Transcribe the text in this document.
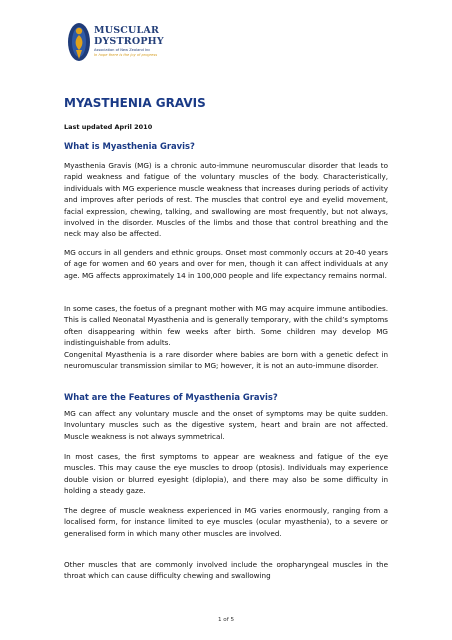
MUSCULAR
DYSTROPHY
Association of New Zealand Inc
In hope there is the joy of progress
MYASTHENIA GRAVIS
Last updated April 2010
What is Myasthenia Gravis?

Myasthenia Gravis (MG) is a chronic auto-immune neuromuscular disorder that leads to rapid weakness and fatigue of the voluntary muscles of the body. Characteristically, individuals with MG experience muscle weakness that increases during periods of activity and improves after periods of rest. The muscles that control eye and eyelid movement, facial expression, chewing, talking, and swallowing are most frequently, but not always, involved in the disorder. Muscles of the limbs and those that control breathing and the neck may also be affected.

MG occurs in all genders and ethnic groups. Onset most commonly occurs at 20-40 years of age for women and 60 years and over for men, though it can affect individuals at any age. MG affects approximately 14 in 100,000 people and life expectancy remains normal.

In some cases, the foetus of a pregnant mother with MG may acquire immune antibodies. This is called Neonatal Myasthenia and is generally temporary, with the child’s symptoms often disappearing within few weeks after birth. Some children may develop MG indistinguishable from adults.

Congenital Myasthenia is a rare disorder where babies are born with a genetic defect in neuromuscular transmission similar to MG; however, it is not an auto-immune disorder.

What are the Features of Myasthenia Gravis?

MG can affect any voluntary muscle and the onset of symptoms may be quite sudden. Involuntary muscles such as the digestive system, heart and brain are not affected. Muscle weakness is not always symmetrical.

In most cases, the first symptoms to appear are weakness and fatigue of the eye muscles. This may cause the eye muscles to droop (ptosis). Individuals may experience double vision or blurred eyesight (diplopia), and there may also be some difficulty in holding a steady gaze.

The degree of muscle weakness experienced in MG varies enormously, ranging from a localised form, for instance limited to eye muscles (ocular myasthenia), to a severe or generalised form in which many other muscles are involved.

Other muscles that are commonly involved include the oropharyngeal muscles in the throat which can cause difficulty chewing and swallowing

1 of 5
